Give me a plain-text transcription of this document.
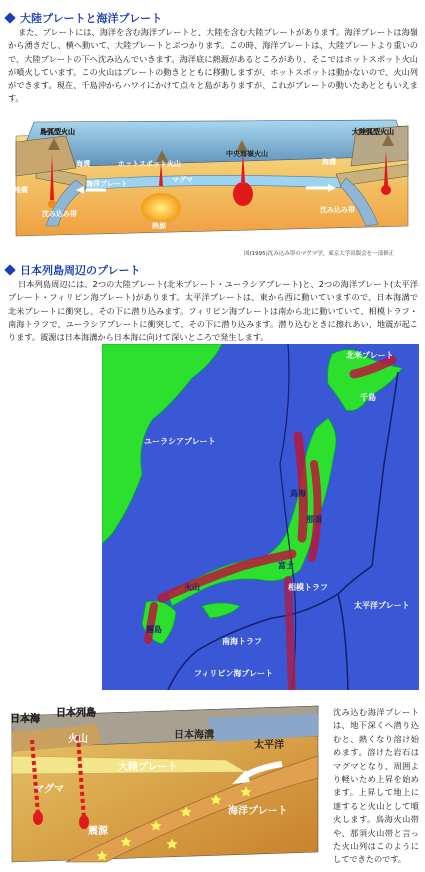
大陸プレートと海洋プレート
また、プレートには、海洋を含む海洋プレートと、大陸を含む大陸プレートがあります。海洋プレートは海嶺から湧きだし、横へ動いて、大陸プレートとぶつかります。この時、海洋プレートは、大陸プレートより重いので、大陸プレートの下へ沈み込んでいきます。海洋底に熱源があるところがあり、そこではホットスポット火山が噴火しています。この火山はプレートの動きとともに移動しますが、ホットスポットは動かないので、火山列ができます。現在、千島沖からハワイにかけて点々と島がありますが、これがプレートの動いたあとともいえます。
島弧型火山
海溝	ホットスポット火山
中央海嶺火山
海溝
大陸弧型火山
地震
海洋プレート	マグマ
沈み込み帯
熱源
沈み込み帯
マントル
図(1995)沈み込み帯のマグマ学，東京大学出版会を一部修正
日本列島周辺のプレート
日本列島周辺には、2つの大陸プレート(北米プレート・ユーラシアプレート)と、2つの海洋プレート(太平洋プレート・フィリピン海プレート)があります。太平洋プレートは、東から西に動いていますので、日本海溝で北米プレートに衝突し、その下に潜り込みます。フィリピン海プレートは南から北に動いていて、相模トラフ・南海トラフで、ユーラシアプレートに衝突して、その下に潜り込みます。潜り込むときに擦れあい、地震が起こります。震源は日本海溝から日本海に向けて深いところで発生します。
北米プレート
千島
ユーラシアプレート
那須
鳥海
火山
富士
相模トラフ
霧島
南海トラフ
太平洋プレート
フィリピン海プレート
日本海
日本列島
火山	日本海溝
太平洋
大陸プレート
マグマ
震源
海洋プレート
沈み込む海洋プレートは、地下深くへ潜り込むと、熱くなり溶け始めます。溶けた岩石はマグマとなり、周囲より軽いため上昇を始めます。上昇して地上に達すると火山として噴火します。鳥海火山帯や、那須火山帯と言った火山列はこのようにしてできたのです。
